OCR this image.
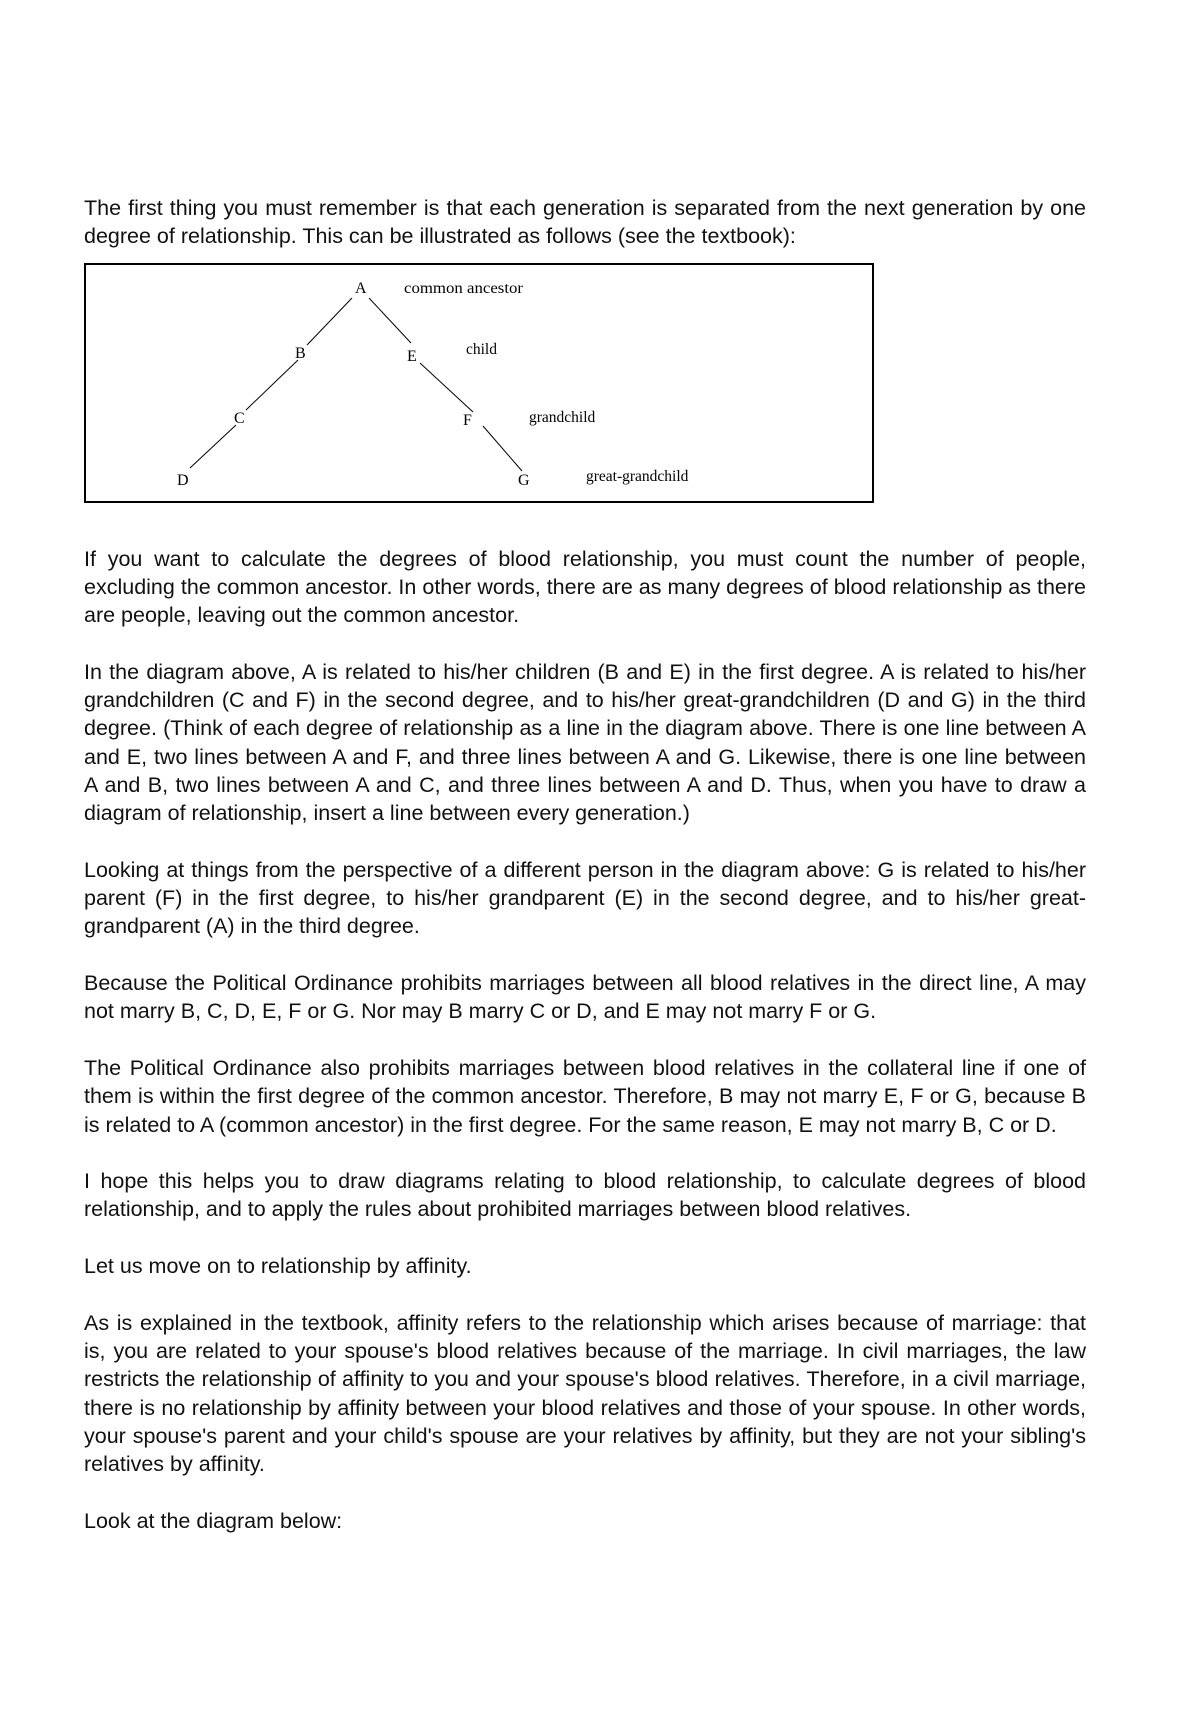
The first thing you must remember is that each generation is separated from the next generation by one degree of relationship. This can be illustrated as follows (see the textbook):

A
B
C
D
E
F
G
common ancestor
child
grandchild
great-grandchild

If you want to calculate the degrees of blood relationship, you must count the number of people, excluding the common ancestor. In other words, there are as many degrees of blood relationship as there are people, leaving out the common ancestor.

In the diagram above, A is related to his/her children (B and E) in the first degree. A is related to his/her grandchildren (C and F) in the second degree, and to his/her great-grandchildren (D and G) in the third degree. (Think of each degree of relationship as a line in the diagram above. There is one line between A and E, two lines between A and F, and three lines between A and G. Likewise, there is one line between A and B, two lines between A and C, and three lines between A and D. Thus, when you have to draw a diagram of relationship, insert a line between every generation.)

Looking at things from the perspective of a different person in the diagram above: G is related to his/her parent (F) in the first degree, to his/her grandparent (E) in the second degree, and to his/her great-grandparent (A) in the third degree.

Because the Political Ordinance prohibits marriages between all blood relatives in the direct line, A may not marry B, C, D, E, F or G. Nor may B marry C or D, and E may not marry F or G.

The Political Ordinance also prohibits marriages between blood relatives in the collateral line if one of them is within the first degree of the common ancestor. Therefore, B may not marry E, F or G, because B is related to A (common ancestor) in the first degree. For the same reason, E may not marry B, C or D.

I hope this helps you to draw diagrams relating to blood relationship, to calculate degrees of blood relationship, and to apply the rules about prohibited marriages between blood relatives.

Let us move on to relationship by affinity.

As is explained in the textbook, affinity refers to the relationship which arises because of marriage: that is, you are related to your spouse's blood relatives because of the marriage. In civil marriages, the law restricts the relationship of affinity to you and your spouse's blood relatives. Therefore, in a civil marriage, there is no relationship by affinity between your blood relatives and those of your spouse. In other words, your spouse's parent and your child's spouse are your relatives by affinity, but they are not your sibling's relatives by affinity.

Look at the diagram below:
